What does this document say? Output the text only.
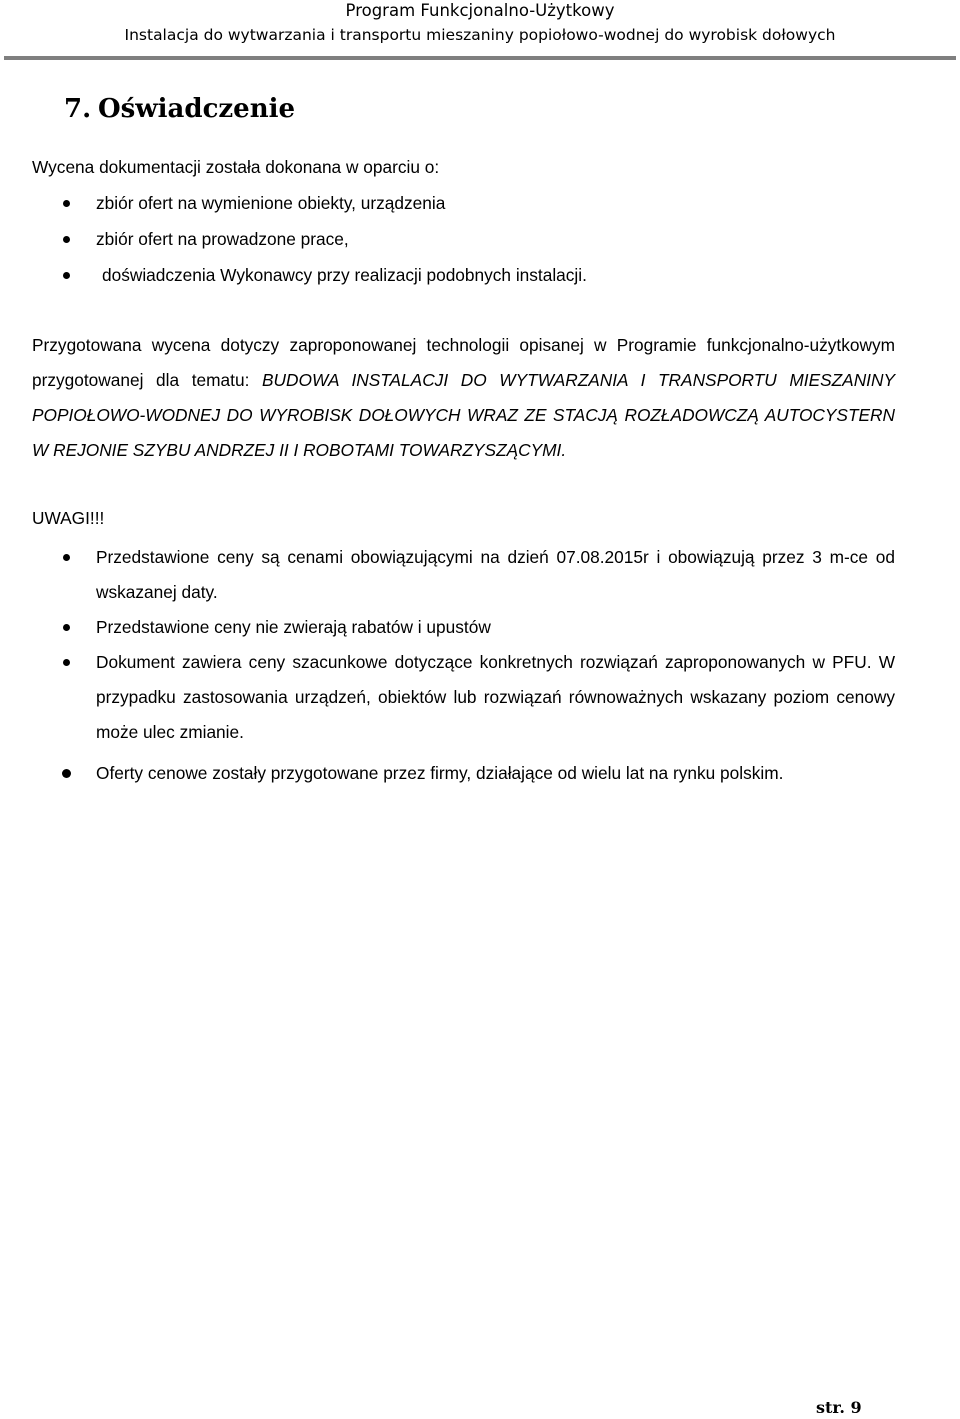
Program Funkcjonalno-Użytkowy
Instalacja do wytwarzania i transportu mieszaniny popiołowo-wodnej do wyrobisk dołowych
7. Oświadczenie
Wycena dokumentacji została dokonana w oparciu o:
zbiór ofert na wymienione obiekty, urządzenia
zbiór ofert na prowadzone prace,
doświadczenia Wykonawcy przy realizacji podobnych instalacji.

Przygotowana wycena dotyczy zaproponowanej technologii opisanej w Programie funkcjonalno-użytkowym przygotowanej dla tematu: BUDOWA INSTALACJI DO WYTWARZANIA I TRANSPORTU MIESZANINY POPIOŁOWO-WODNEJ DO WYROBISK DOŁOWYCH WRAZ ZE STACJĄ ROZŁADOWCZĄ AUTOCYSTERN W REJONIE SZYBU ANDRZEJ II I ROBOTAMI TOWARZYSZĄCYMI.

UWAGI!!!
Przedstawione ceny są cenami obowiązującymi na dzień 07.08.2015r i obowiązują przez 3 m-ce od wskazanej daty.
Przedstawione ceny nie zwierają rabatów i upustów
Dokument zawiera ceny szacunkowe dotyczące konkretnych rozwiązań zaproponowanych w PFU. W przypadku zastosowania urządzeń, obiektów lub rozwiązań równoważnych wskazany poziom cenowy może ulec zmianie.
Oferty cenowe zostały przygotowane przez firmy, działające od wielu lat na rynku polskim.
str. 9
